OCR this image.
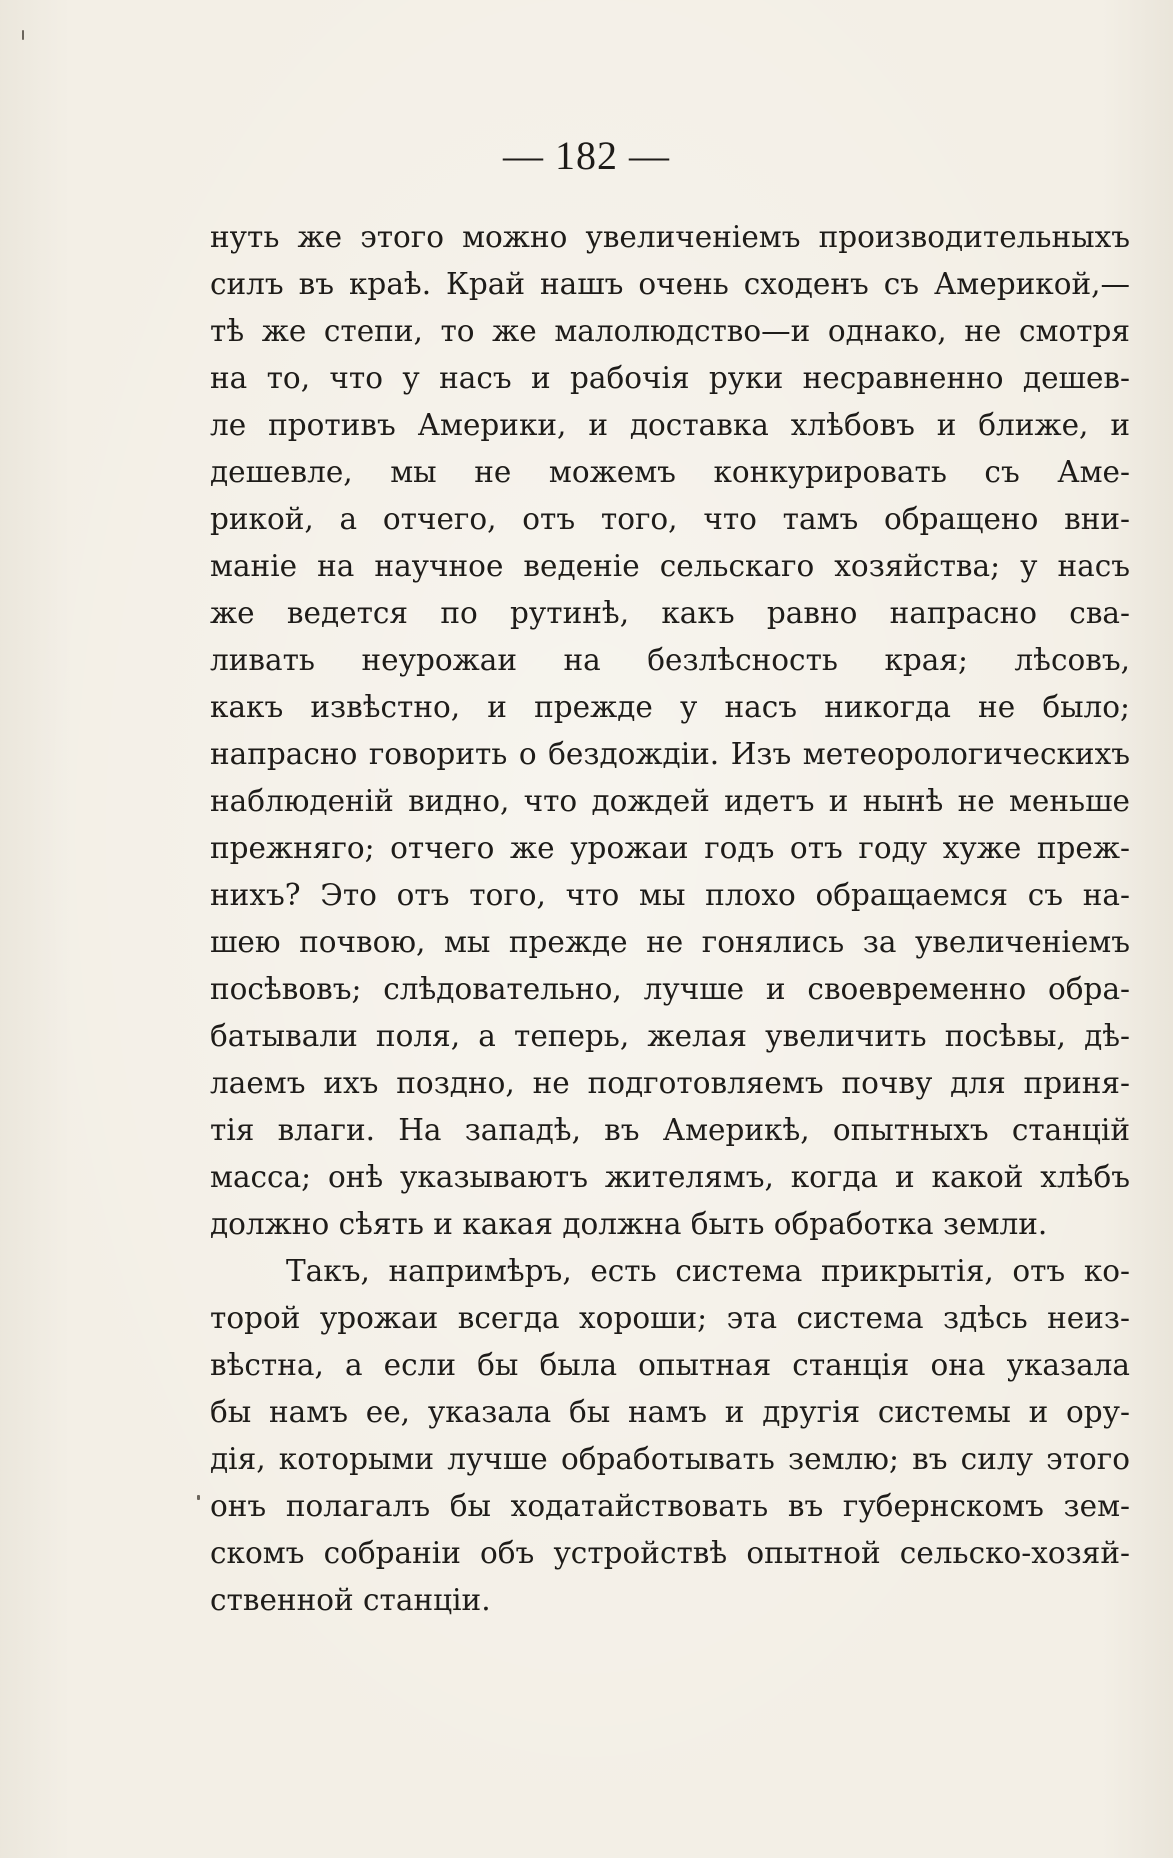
— 182 —
нуть же этого можно увеличенiемъ производительныхъ
силъ въ краѣ. Край нашъ очень сходенъ съ Америкой,—
тѣ же степи, то же малолюдство—и однако, не смотря
на то, что у насъ и рабочiя руки несравненно дешев-
ле противъ Америки, и доставка хлѣбовъ и ближе, и
дешевле, мы не можемъ конкурировать съ Аме-
рикой, а отчего, отъ того, что тамъ обращено вни-
манiе на научное веденiе сельскаго хозяйства; у насъ
же ведется по рутинѣ, какъ равно напрасно сва-
ливать неурожаи на безлѣсность края; лѣсовъ,
какъ извѣстно, и прежде у насъ никогда не было;
напрасно говорить о бездождiи. Изъ метеорологическихъ
наблюденiй видно, что дождей идетъ и нынѣ не меньше
прежняго; отчего же урожаи годъ отъ году хуже преж-
нихъ? Это отъ того, что мы плохо обращаемся съ на-
шею почвою, мы прежде не гонялись за увеличенiемъ
посѣвовъ; слѣдовательно, лучше и своевременно обра-
батывали поля, а теперь, желая увеличить посѣвы, дѣ-
лаемъ ихъ поздно, не подготовляемъ почву для приня-
тiя влаги. На западѣ, въ Америкѣ, опытныхъ станцiй
масса; онѣ указываютъ жителямъ, когда и какой хлѣбъ
должно сѣять и какая должна быть обработка земли.
Такъ, напримѣръ, есть система прикрытiя, отъ ко-
торой урожаи всегда хороши; эта система здѣсь неиз-
вѣстна, а если бы была опытная станцiя она указала
бы намъ ее, указала бы намъ и другiя системы и ору-
дiя, которыми лучше обработывать землю; въ силу этого
онъ полагалъ бы ходатайствовать въ губернскомъ зем-
скомъ собранiи объ устройствѣ опытной сельско-хозяй-
ственной станцiи.
